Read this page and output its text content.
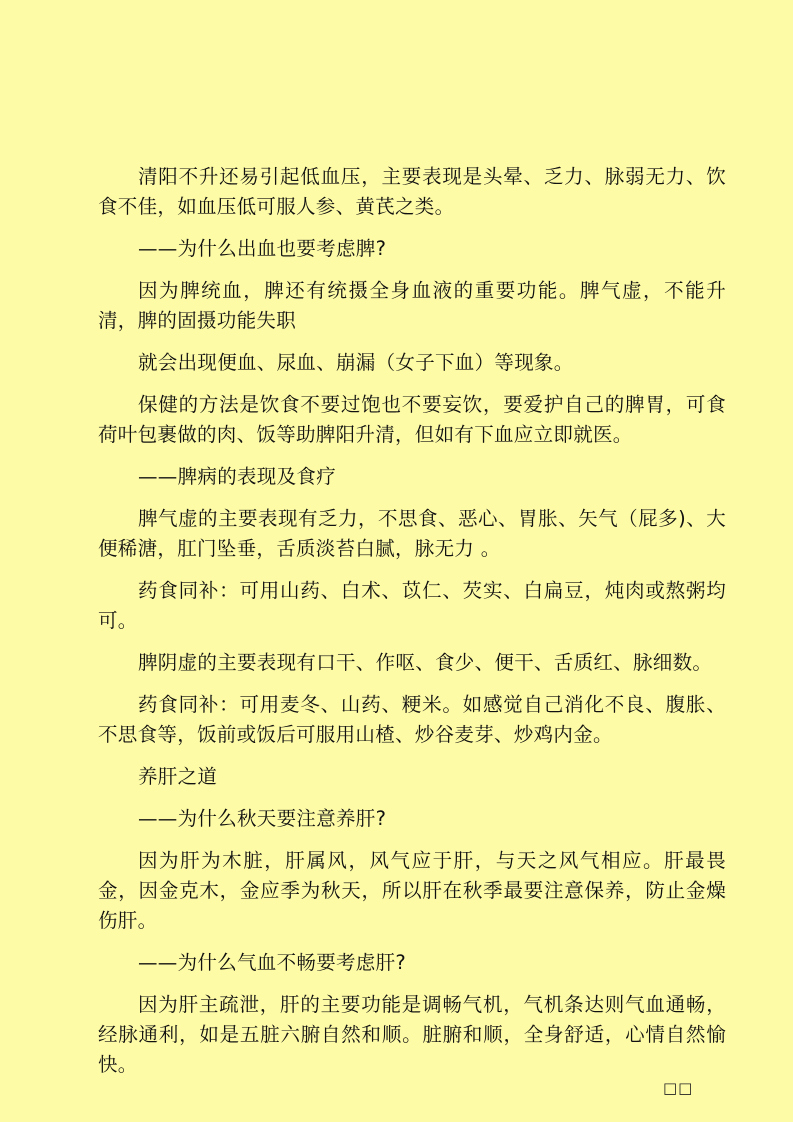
清阳不升还易引起低血压，主要表现是头晕、乏力、脉弱无力、饮食不佳，如血压低可服人参、黄芪之类。

——为什么出血也要考虑脾?

因为脾统血，脾还有统摄全身血液的重要功能。脾气虚，不能升清，脾的固摄功能失职

就会出现便血、尿血、崩漏（女子下血）等现象。

保健的方法是饮食不要过饱也不要妄饮，要爱护自己的脾胃，可食荷叶包裹做的肉、饭等助脾阳升清，但如有下血应立即就医。

——脾病的表现及食疗

脾气虚的主要表现有乏力，不思食、恶心、胃胀、矢气（屁多)、大便稀溏，肛门坠垂，舌质淡苔白腻，脉无力 。

药食同补：可用山药、白术、苡仁、芡实、白扁豆，炖肉或熬粥均可。

脾阴虚的主要表现有口干、作呕、食少、便干、舌质红、脉细数。

药食同补：可用麦冬、山药、粳米。如感觉自己消化不良、腹胀、不思食等，饭前或饭后可服用山楂、炒谷麦芽、炒鸡内金。

养肝之道

——为什么秋天要注意养肝?

因为肝为木脏，肝属风，风气应于肝，与天之风气相应。肝最畏金，因金克木，金应季为秋天，所以肝在秋季最要注意保养，防止金燥伤肝。

——为什么气血不畅要考虑肝?

因为肝主疏泄，肝的主要功能是调畅气机，气机条达则气血通畅，经脉通利，如是五脏六腑自然和顺。脏腑和顺，全身舒适，心情自然愉快。

□□
